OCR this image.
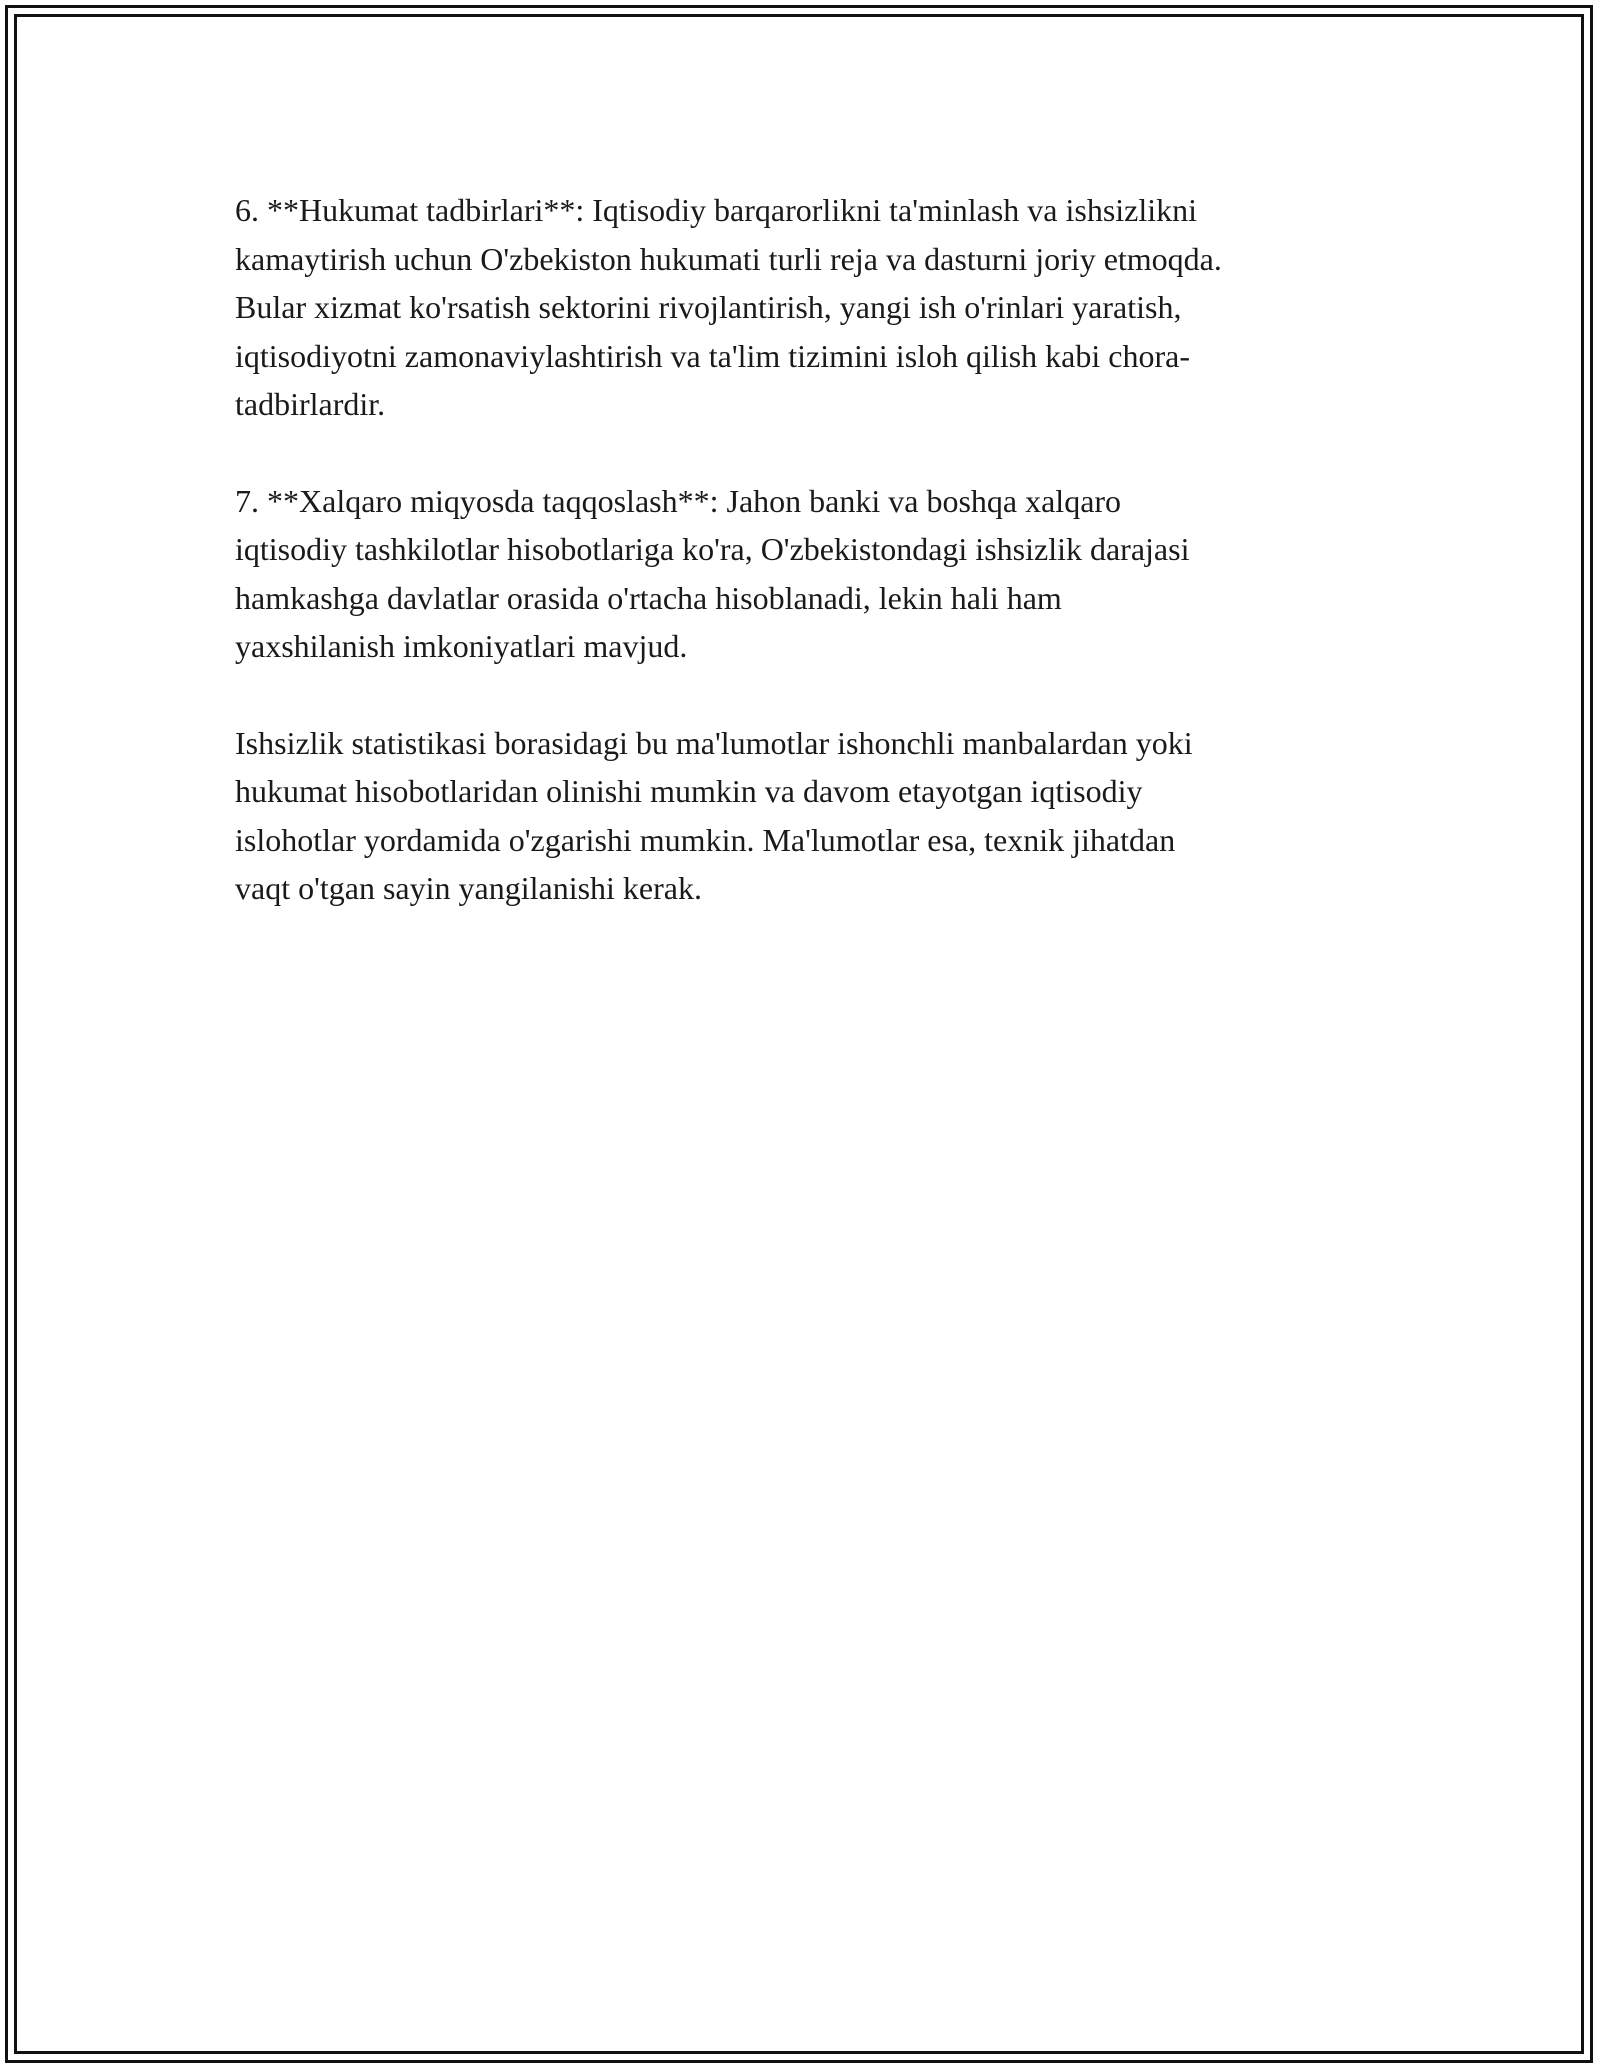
6. **Hukumat tadbirlari**: Iqtisodiy barqarorlikni ta'minlash va ishsizlikni
kamaytirish uchun O'zbekiston hukumati turli reja va dasturni joriy etmoqda.
Bular xizmat ko'rsatish sektorini rivojlantirish, yangi ish o'rinlari yaratish,
iqtisodiyotni zamonaviylashtirish va ta'lim tizimini isloh qilish kabi chora-
tadbirlardir.

7. **Xalqaro miqyosda taqqoslash**: Jahon banki va boshqa xalqaro
iqtisodiy tashkilotlar hisobotlariga ko'ra, O'zbekistondagi ishsizlik darajasi
hamkashga davlatlar orasida o'rtacha hisoblanadi, lekin hali ham
yaxshilanish imkoniyatlari mavjud.

Ishsizlik statistikasi borasidagi bu ma'lumotlar ishonchli manbalardan yoki
hukumat hisobotlaridan olinishi mumkin va davom etayotgan iqtisodiy
islohotlar yordamida o'zgarishi mumkin. Ma'lumotlar esa, texnik jihatdan
vaqt o'tgan sayin yangilanishi kerak.
